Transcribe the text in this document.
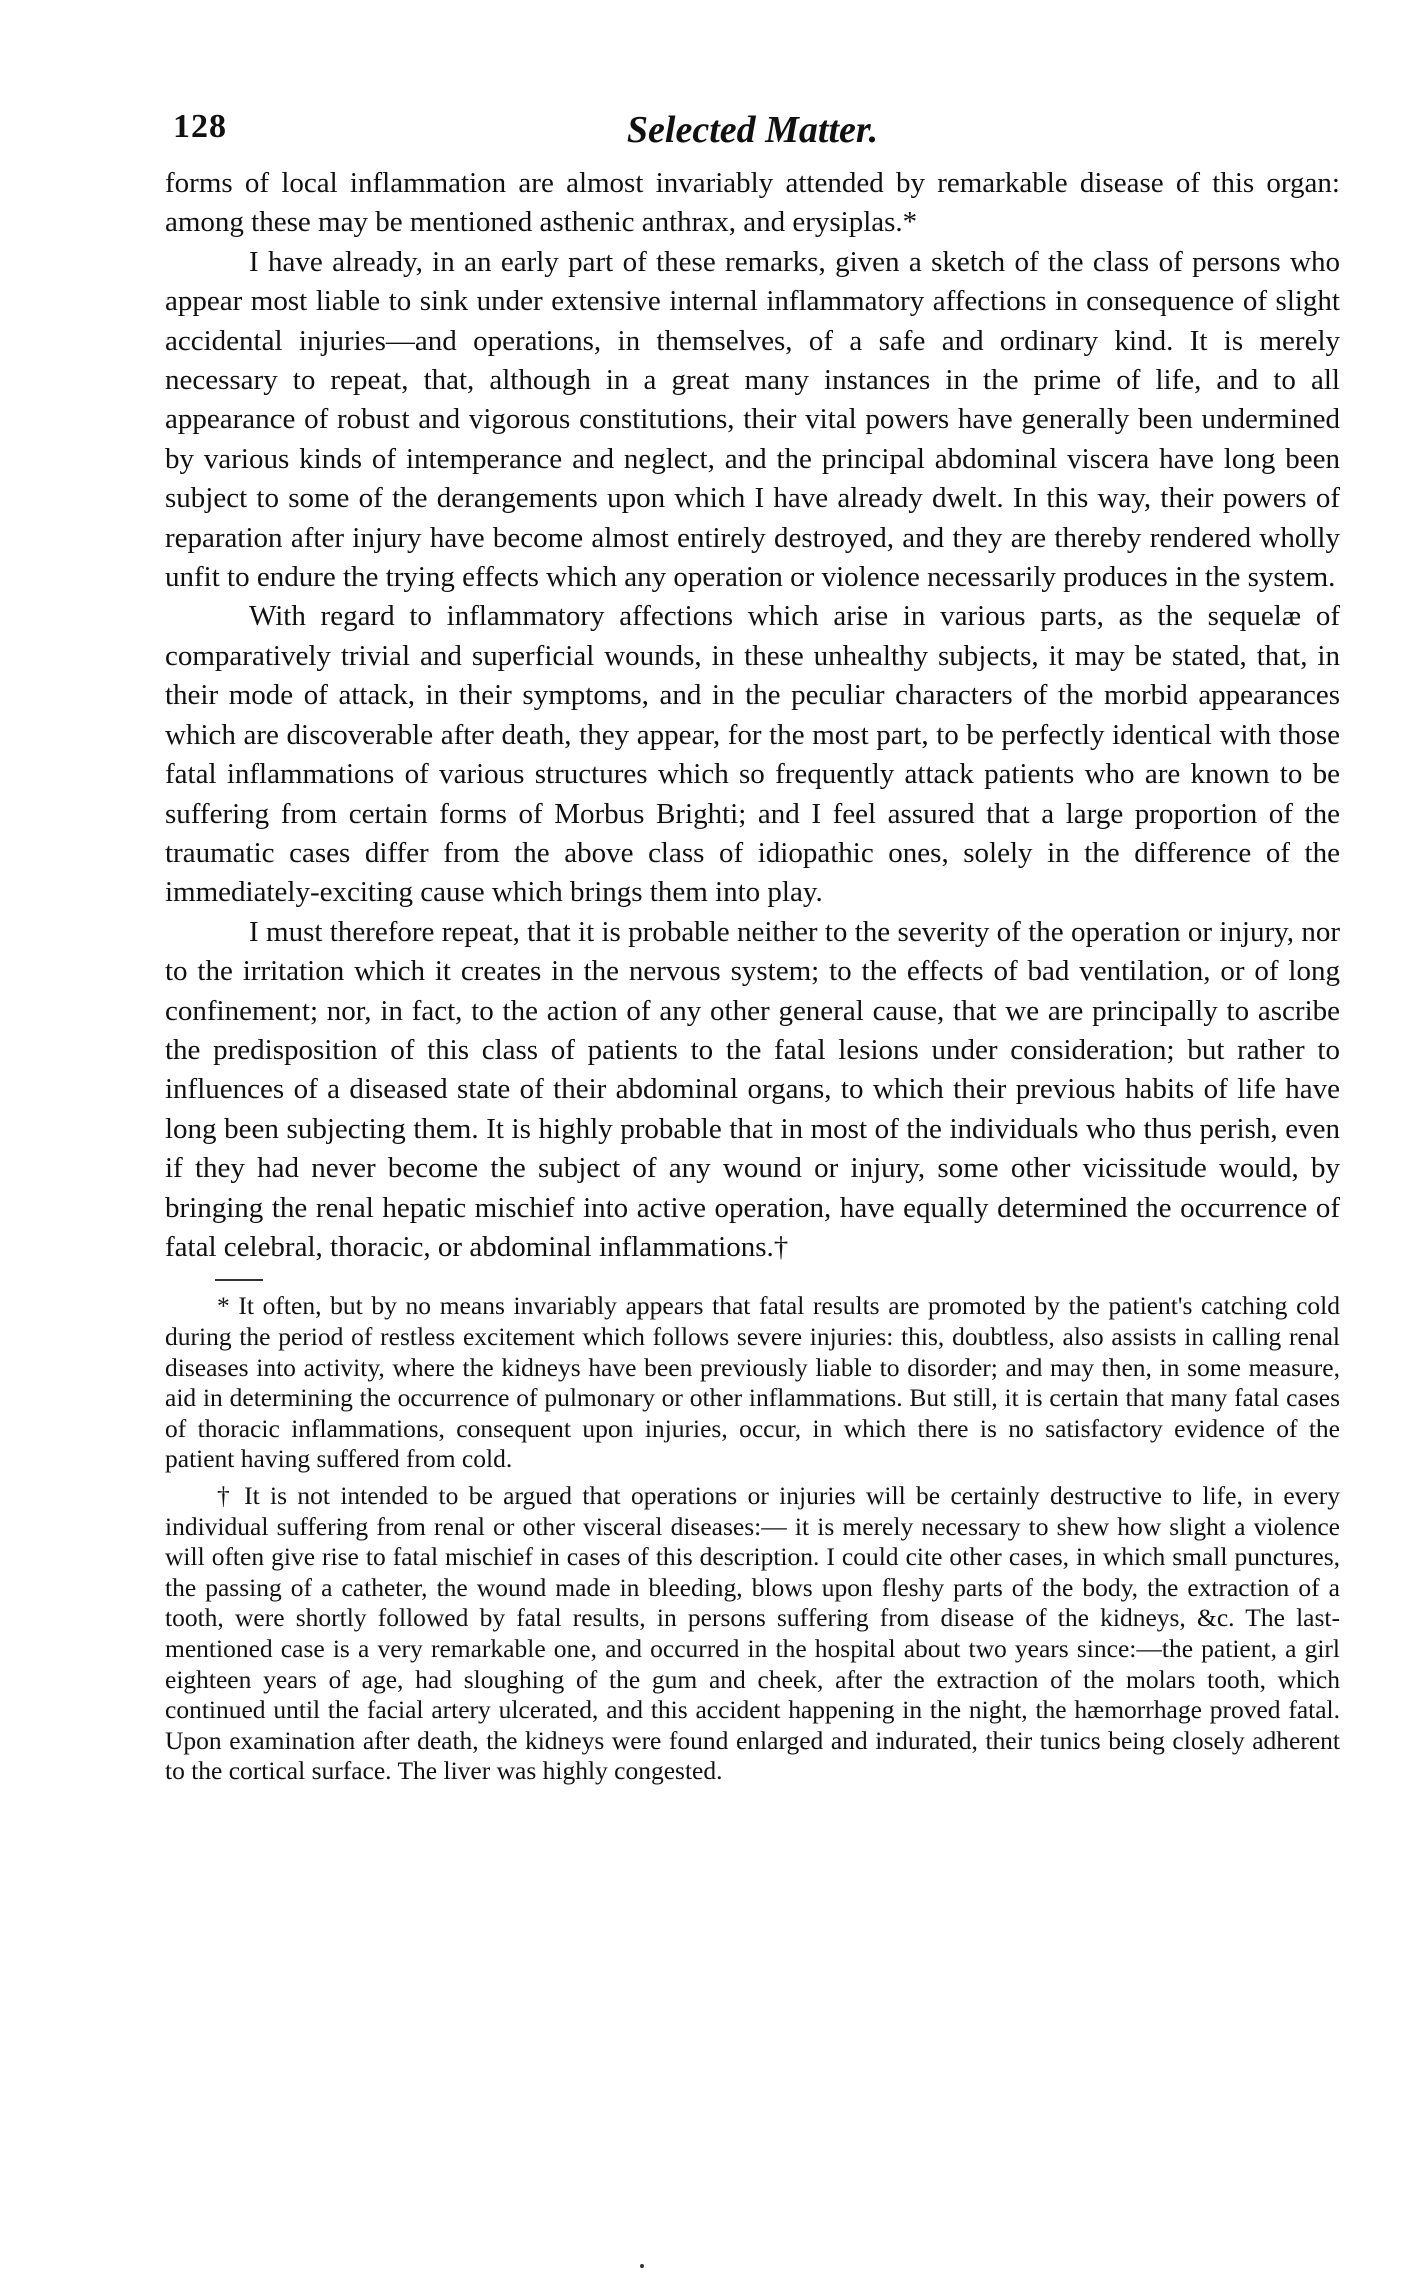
128	Selected Matter.

forms of local inflammation are almost invariably attended by remarkable disease of this organ: among these may be mentioned asthenic anthrax, and erysiplas.*

I have already, in an early part of these remarks, given a sketch of the class of persons who appear most liable to sink under extensive internal inflammatory affections in consequence of slight accidental injuries—and operations, in themselves, of a safe and ordinary kind. It is merely necessary to repeat, that, although in a great many instances in the prime of life, and to all appearance of robust and vigorous constitutions, their vital powers have generally been undermined by various kinds of intemperance and neglect, and the principal abdominal viscera have long been subject to some of the derangements upon which I have already dwelt. In this way, their powers of reparation after injury have become almost entirely destroyed, and they are thereby rendered wholly unfit to endure the trying effects which any operation or violence necessarily produces in the system.

With regard to inflammatory affections which arise in various parts, as the sequelæ of comparatively trivial and superficial wounds, in these unhealthy subjects, it may be stated, that, in their mode of attack, in their symptoms, and in the peculiar characters of the morbid appearances which are discoverable after death, they appear, for the most part, to be perfectly identical with those fatal inflammations of various structures which so frequently attack patients who are known to be suffering from certain forms of Morbus Brighti; and I feel assured that a large proportion of the traumatic cases differ from the above class of idiopathic ones, solely in the difference of the immediately-exciting cause which brings them into play.

I must therefore repeat, that it is probable neither to the severity of the operation or injury, nor to the irritation which it creates in the nervous system; to the effects of bad ventilation, or of long confinement; nor, in fact, to the action of any other general cause, that we are principally to ascribe the predisposition of this class of patients to the fatal lesions under consideration; but rather to influences of a diseased state of their abdominal organs, to which their previous habits of life have long been subjecting them. It is highly probable that in most of the individuals who thus perish, even if they had never become the subject of any wound or injury, some other vicissitude would, by bringing the renal hepatic mischief into active operation, have equally determined the occurrence of fatal celebral, thoracic, or abdominal inflammations.†

* It often, but by no means invariably appears that fatal results are promoted by the patient's catching cold during the period of restless excitement which follows severe injuries: this, doubtless, also assists in calling renal diseases into activity, where the kidneys have been previously liable to disorder; and may then, in some measure, aid in determining the occurrence of pulmonary or other inflammations. But still, it is certain that many fatal cases of thoracic inflammations, consequent upon injuries, occur, in which there is no satisfactory evidence of the patient having suffered from cold.

† It is not intended to be argued that operations or injuries will be certainly destructive to life, in every individual suffering from renal or other visceral diseases:— it is merely necessary to shew how slight a violence will often give rise to fatal mischief in cases of this description. I could cite other cases, in which small punctures, the passing of a catheter, the wound made in bleeding, blows upon fleshy parts of the body, the extraction of a tooth, were shortly followed by fatal results, in persons suffering from disease of the kidneys, &c. The last-mentioned case is a very remarkable one, and occurred in the hospital about two years since:—the patient, a girl eighteen years of age, had sloughing of the gum and cheek, after the extraction of the molars tooth, which continued until the facial artery ulcerated, and this accident happening in the night, the hæmorrhage proved fatal. Upon examination after death, the kidneys were found enlarged and indurated, their tunics being closely adherent to the cortical surface. The liver was highly congested.
